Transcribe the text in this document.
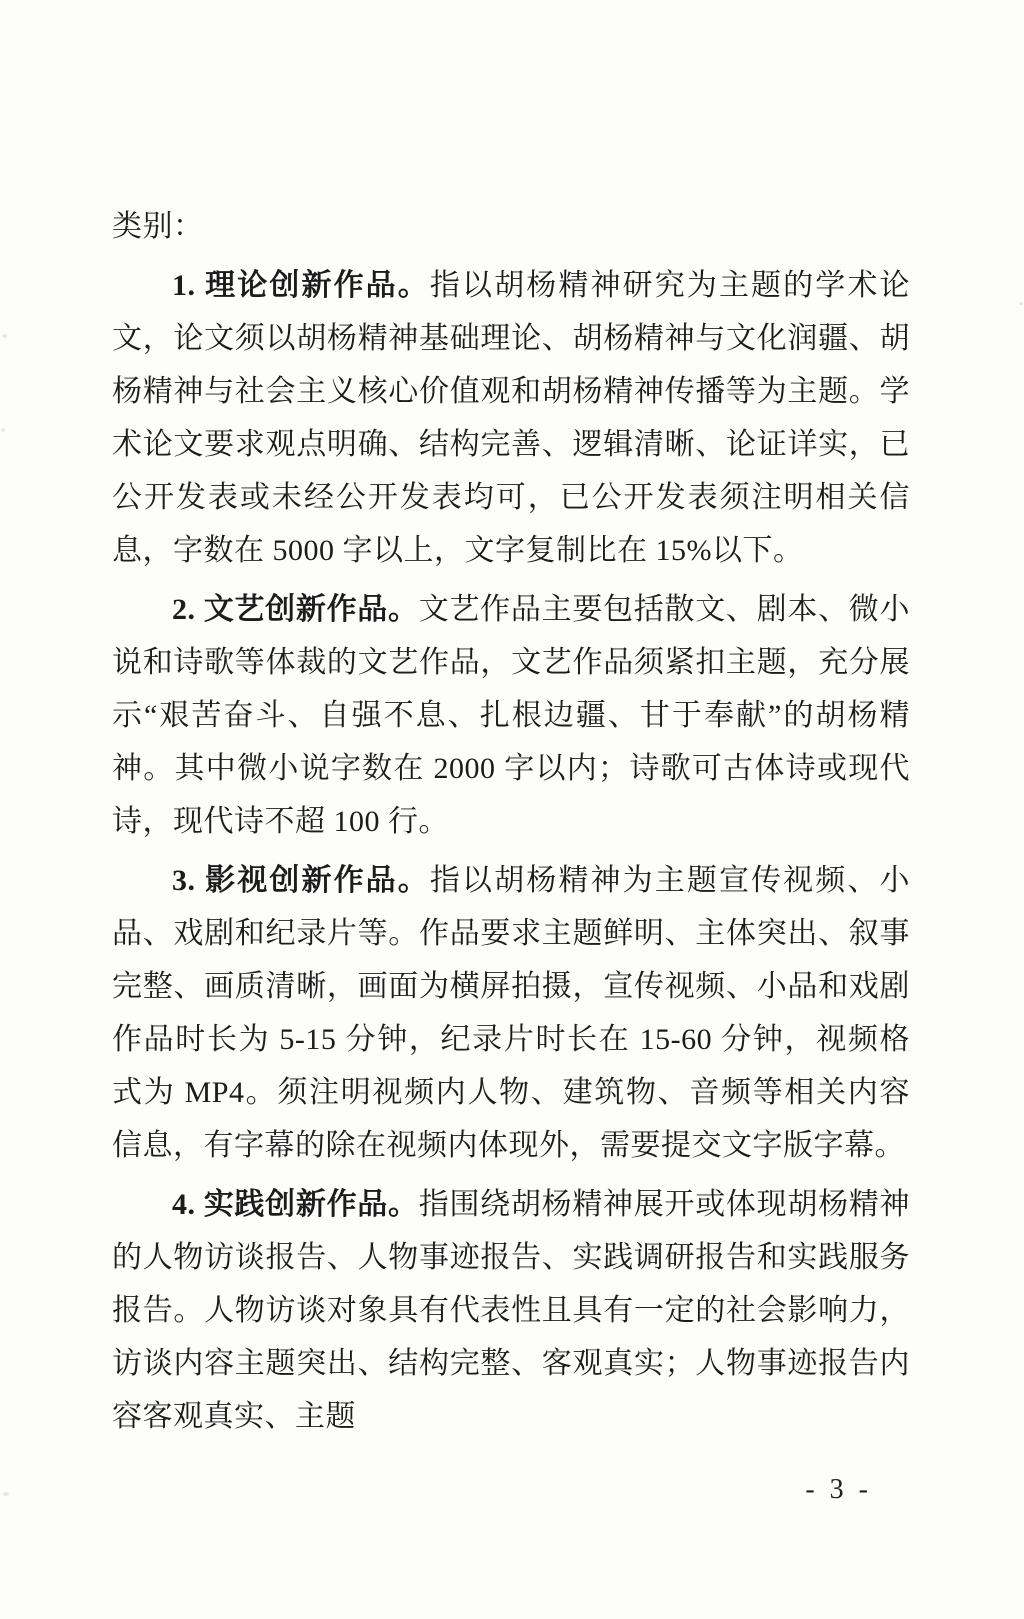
类别：

1. 理论创新作品。指以胡杨精神研究为主题的学术论文，论文须以胡杨精神基础理论、胡杨精神与文化润疆、胡杨精神与社会主义核心价值观和胡杨精神传播等为主题。学术论文要求观点明确、结构完善、逻辑清晰、论证详实，已公开发表或未经公开发表均可，已公开发表须注明相关信息，字数在 5000 字以上，文字复制比在 15%以下。

2. 文艺创新作品。文艺作品主要包括散文、剧本、微小说和诗歌等体裁的文艺作品，文艺作品须紧扣主题，充分展示“艰苦奋斗、自强不息、扎根边疆、甘于奉献”的胡杨精神。其中微小说字数在 2000 字以内；诗歌可古体诗或现代诗，现代诗不超 100 行。

3. 影视创新作品。指以胡杨精神为主题宣传视频、小品、戏剧和纪录片等。作品要求主题鲜明、主体突出、叙事完整、画质清晰，画面为横屏拍摄，宣传视频、小品和戏剧作品时长为 5-15 分钟，纪录片时长在 15-60 分钟，视频格式为 MP4。须注明视频内人物、建筑物、音频等相关内容信息，有字幕的除在视频内体现外，需要提交文字版字幕。

4. 实践创新作品。指围绕胡杨精神展开或体现胡杨精神的人物访谈报告、人物事迹报告、实践调研报告和实践服务报告。人物访谈对象具有代表性且具有一定的社会影响力，访谈内容主题突出、结构完整、客观真实；人物事迹报告内容客观真实、主题

- 3 -
